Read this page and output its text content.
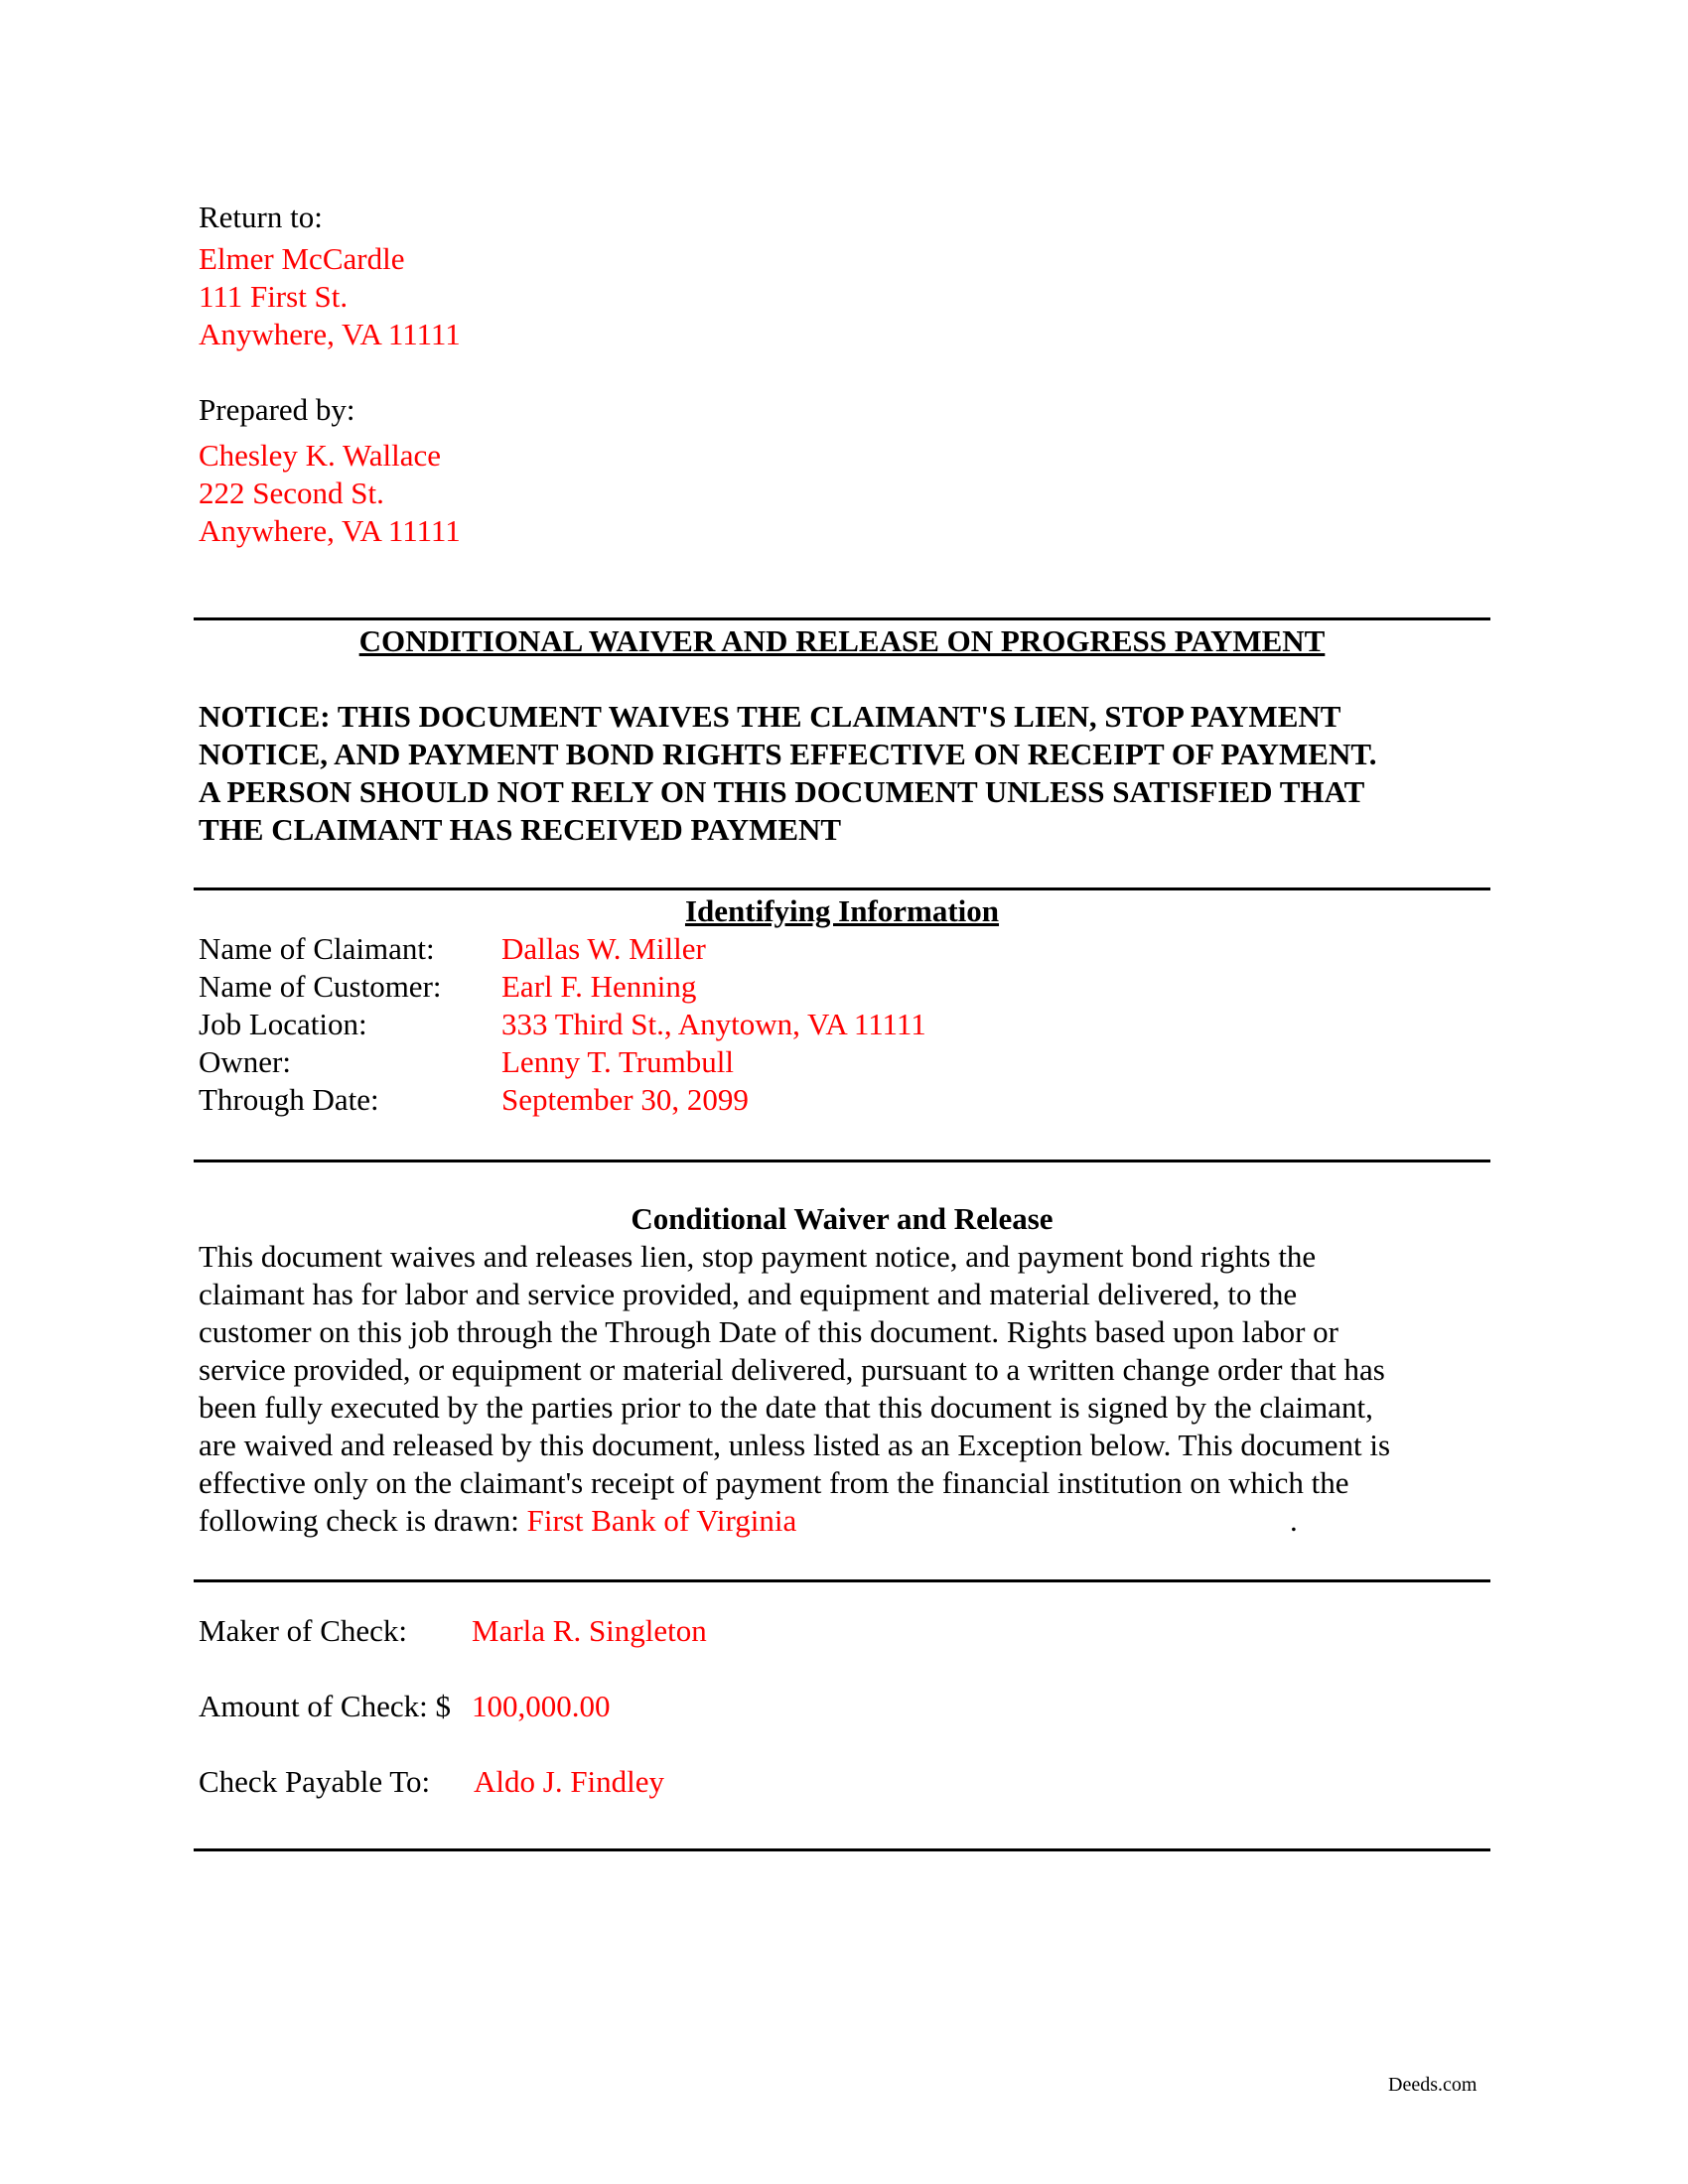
Return to:
Elmer McCardle
111 First St.
Anywhere, VA 11111
Prepared by:
Chesley K. Wallace
222 Second St.
Anywhere, VA 11111
CONDITIONAL WAIVER AND RELEASE ON PROGRESS PAYMENT
NOTICE: THIS DOCUMENT WAIVES THE CLAIMANT'S LIEN, STOP PAYMENT
NOTICE, AND PAYMENT BOND RIGHTS EFFECTIVE ON RECEIPT OF PAYMENT.
A PERSON SHOULD NOT RELY ON THIS DOCUMENT UNLESS SATISFIED THAT
THE CLAIMANT HAS RECEIVED PAYMENT
Identifying Information
Name of Claimant: Dallas W. Miller
Name of Customer: Earl F. Henning
Job Location:	333 Third St., Anytown, VA 11111
Owner:	Lenny T. Trumbull
Through Date:	September 30, 2099
Conditional Waiver and Release
This document waives and releases lien, stop payment notice, and payment bond rights the
claimant has for labor and service provided, and equipment and material delivered, to the
customer on this job through the Through Date of this document. Rights based upon labor or
service provided, or equipment or material delivered, pursuant to a written change order that has
been fully executed by the parties prior to the date that this document is signed by the claimant,
are waived and released by this document, unless listed as an Exception below. This document is
effective only on the claimant's receipt of payment from the financial institution on which the
following check is drawn: First Bank of Virginia	.
Maker of Check: Marla R. Singleton
Amount of Check: $ 100,000.00
Check Payable To: Aldo J. Findley
Deeds.com
